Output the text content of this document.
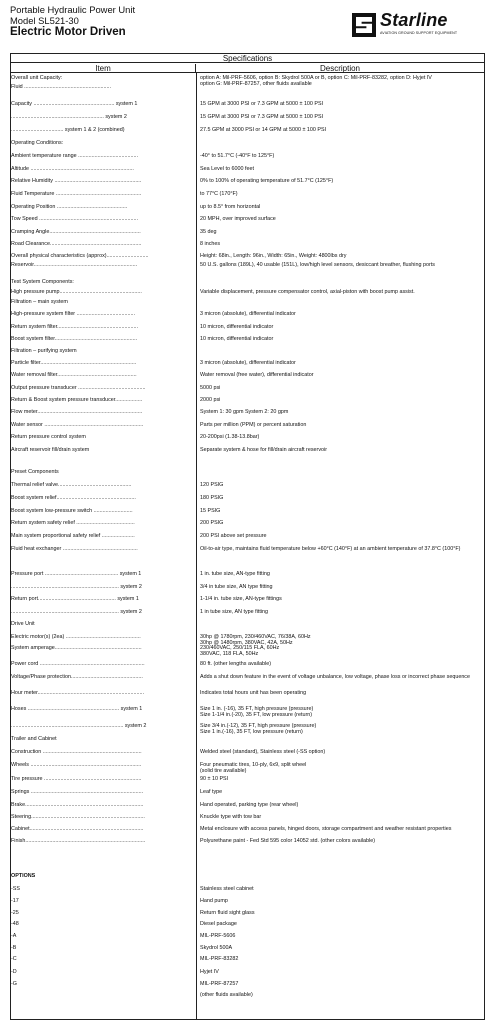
Portable Hydraulic Power Unit
Model SL521-30
Electric Motor Driven
Starline
AVIATION GROUND SUPPORT EQUIPMENT
Specifications
Item	Description
Overall unit Capacity:	option A: Mil-PRF-5606, option B: Skydrol 500A or B, option C: Mil-PRF-83282, option D: Hyjet IV
option G: Mil-PRF-87257, other fluids available
Fluid ..........................................................
Capacity ...................................................... system 1	15 GPM at 3000 PSI or 7.3 GPM at 5000 ± 100 PSI
.............................................................. system 2	15 GPM at 3000 PSI or 7.3 GPM at 5000 ± 100 PSI
................................... system 1 & 2 (combined)	27.5 GPM at 3000 PSI or 14 GPM at 5000 ± 100 PSI
Operating Conditions:
Ambient temperature range ........................................	-40° to 51.7°C (-40°F to 125°F)
Altitude .....................................................................	Sea Level to 6000 feet
Relative Humidity ..........................................................	0% to 100% of operating temperature of 51.7°C (125°F)
Fluid Temperature .........................................................	to 77°C (170°F)
Operating Position ...............................................	up to 8.5° from horizontal
Tow Speed ..................................................................	20 MPH, over improved surface
Cramping Angle.............................................................	35 deg
Road Clearance.............................................................	8 inches
Overall physical characteristics (approx)............................	Height: 68in., Length: 96in., Width: 65in., Weight: 4800lbs dry
Reservoir.....................................................................	50 U.S. gallons (189L), 40 usable (151L), low/high level sensors, desiccant breather, flushing ports
Test System Components:
High pressure pump.......................................................	Variable displacement, pressure compensator control, axial-piston with boost pump assist.
Filtration – main system
High-pressure system filter .......................................	3 micron (absolute), differential indicator
Return system filter......................................................	10 micron, differential indicator
Boost system filter.......................................................	10 micron, differential indicator
Filtration – purifying system
Particle filter................................................................	3 micron (absolute), differential indicator
Water removal filter.....................................................	Water removal (free water), differential indicator
Output pressure transducer .............................................	5000 psi
Return & Boost system pressure transducer..................	2000 psi
Flow meter......................................................................	System 1: 30 gpm System 2: 20 gpm
Water sensor ..................................................................	Parts per million (PPM) or percent saturation
Return pressure control system	20-200psi (1.38-13.8bar)
Aircraft reservoir fill/drain system	Separate system & hose for fill/drain aircraft reservoir
Preset Components
Thermal relief valve.................................................	120 PSIG
Boost system relief.....................................................	180 PSIG
Boost system low-pressure switch ..........................	15 PSIG
Return system safety relief .......................................	200 PSIG
Main system proportional safety relief ......................	200 PSI above set pressure
Fluid heat exchanger ..................................................	Oil-to-air type, maintains fluid temperature below +60°C (140°F) at an ambient temperature of 37.8°C (100°F)
Pressure port ................................................. system 1	1 in. tube size, AN-type fitting
........................................................................ system 2	3/4 in tube size, AN type fitting
Return port.................................................... system 1	1-1/4 in. tube size, AN-type fittings
........................................................................ system 2	1 in tube size, AN type fitting
Drive Unit
Electric motor(s) (2ea) ..................................................	30hp @ 1780rpm, 230/460VAC, 76/38A, 60Hz
30hp @ 1480rpm, 380VAC, 42A, 50Hz
System amperage..........................................................	230/460VAC, 250/115 FLA, 60Hz
380VAC, 118 FLA, 50Hz
Power cord ......................................................................	80 ft. (other lengths available)
Voltage/Phase protection................................................	Adds a shut down feature in the event of voltage unbalance, low voltage, phase loss or incorrect phase sequence
Hour meter.......................................................................	Indicates total hours unit has been operating
Hoses ............................................................. system 1	Size 1 in. (-16), 35 FT, high pressure (pressure)
Size 1-1/4 in.(-20), 35 FT, low pressure (return)
........................................................................... system 2	Size 3/4 in.(-12), 35 FT, high pressure (pressure)
Size 1 in.(-16), 35 FT, low pressure (return)
Trailer and Cabinet
Construction ..................................................................	Welded steel (standard), Stainless steel (-SS option)
Wheels ..........................................................................	Four pneumatic tires, 10-ply, 6x9, split wheel
(solid tire available)
Tire pressure .................................................................	90 ± 10 PSI
Springs ...........................................................................	Leaf type
Brake...............................................................................	Hand operated, parking type (rear wheel)
Steering............................................................................	Knuckle type with tow bar
Cabinet............................................................................	Metal enclosure with access panels, hinged doors, storage compartment and weather resistant properties
Finish................................................................................	Polyurethane paint - Fed Std 595 color 14052 std. (other colors available)
OPTIONS
-SS	Stainless steel cabinet
-17	Hand pump
-25	Return fluid sight glass
-48	Diesel package
-A	MIL-PRF-5606
-B	Skydrol 500A
-C	MIL-PRF-83282
-D	Hyjet IV
-G	MIL-PRF-87257
(other fluids available)
